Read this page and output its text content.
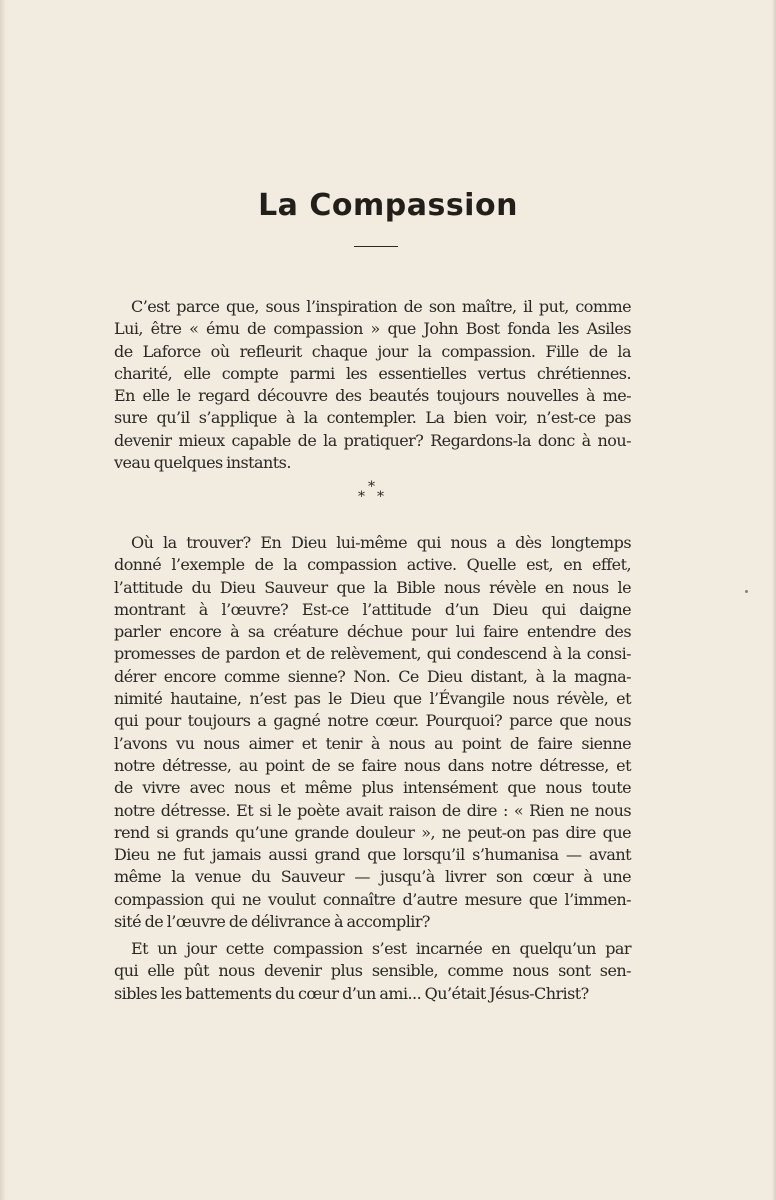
La Compassion

C’est parce que, sous l’inspiration de son maître, il put, comme
Lui, être « ému de compassion » que John Bost fonda les Asiles
de Laforce où refleurit chaque jour la compassion. Fille de la
charité, elle compte parmi les essentielles vertus chrétiennes.
En elle le regard découvre des beautés toujours nouvelles à me-
sure qu’il s’applique à la contempler. La bien voir, n’est-ce pas
devenir mieux capable de la pratiquer? Regardons-la donc à nou-
veau quelques instants.

*
* *

Où la trouver? En Dieu lui-même qui nous a dès longtemps
donné l’exemple de la compassion active. Quelle est, en effet,
l’attitude du Dieu Sauveur que la Bible nous révèle en nous le
montrant à l’œuvre? Est-ce l’attitude d’un Dieu qui daigne
parler encore à sa créature déchue pour lui faire entendre des
promesses de pardon et de relèvement, qui condescend à la consi-
dérer encore comme sienne? Non. Ce Dieu distant, à la magna-
nimité hautaine, n’est pas le Dieu que l’Évangile nous révèle, et
qui pour toujours a gagné notre cœur. Pourquoi? parce que nous
l’avons vu nous aimer et tenir à nous au point de faire sienne
notre détresse, au point de se faire nous dans notre détresse, et
de vivre avec nous et même plus intensément que nous toute
notre détresse. Et si le poète avait raison de dire : « Rien ne nous
rend si grands qu’une grande douleur », ne peut-on pas dire que
Dieu ne fut jamais aussi grand que lorsqu’il s’humanisa — avant
même la venue du Sauveur — jusqu’à livrer son cœur à une
compassion qui ne voulut connaître d’autre mesure que l’immen-
sité de l’œuvre de délivrance à accomplir?

Et un jour cette compassion s’est incarnée en quelqu’un par
qui elle pût nous devenir plus sensible, comme nous sont sen-
sibles les battements du cœur d’un ami... Qu’était Jésus-Christ?
